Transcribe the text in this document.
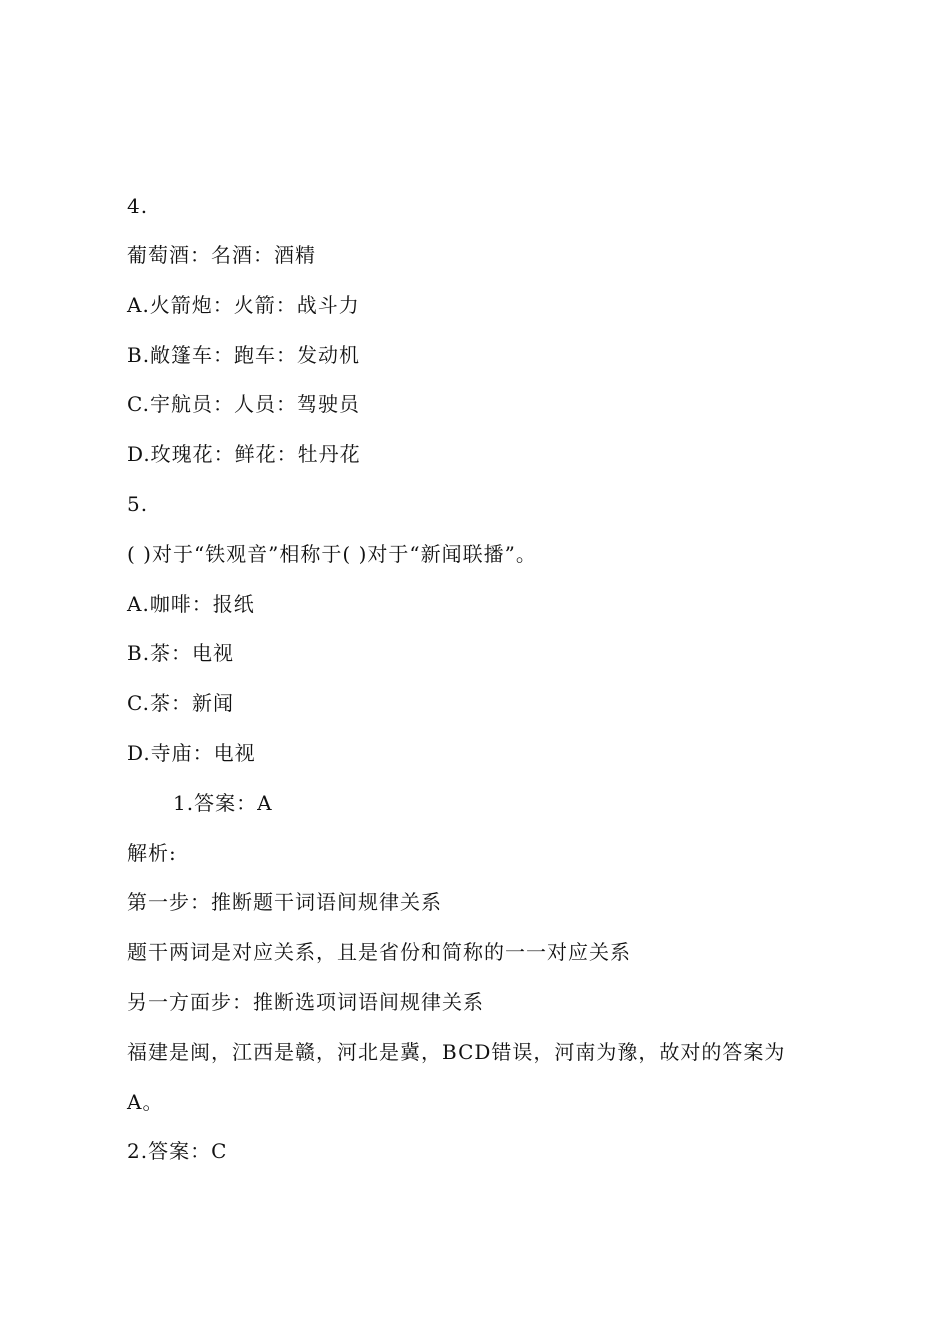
4.
葡萄酒：名酒：酒精
A.火箭炮：火箭：战斗力
B.敞篷车：跑车：发动机
C.宇航员：人员：驾驶员
D.玫瑰花：鲜花：牡丹花
5.
( )对于“铁观音”相称于( )对于“新闻联播”。
A.咖啡：报纸
B.茶：电视
C.茶：新闻
D.寺庙：电视
1.答案：A
解析:
第一步：推断题干词语间规律关系
题干两词是对应关系，且是省份和简称的一一对应关系
另一方面步：推断选项词语间规律关系
福建是闽，江西是赣，河北是冀，BCD错误，河南为豫，故对的答案为
A。
2.答案：C
